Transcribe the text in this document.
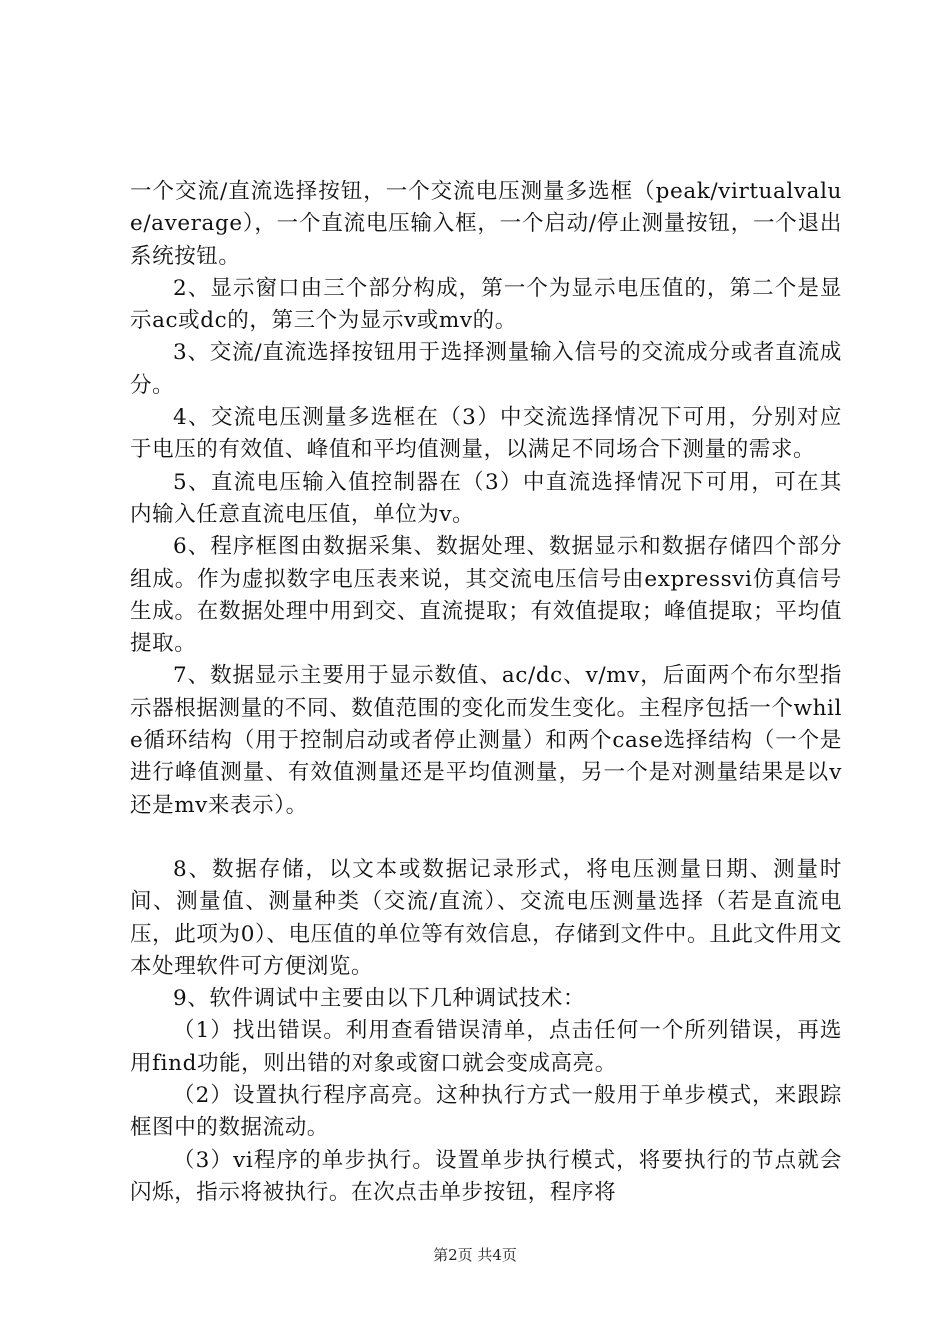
一个交流/直流选择按钮，一个交流电压测量多选框（peak/virtualvalue/average），一个直流电压输入框，一个启动/停止测量按钮，一个退出系统按钮。

2、显示窗口由三个部分构成，第一个为显示电压值的，第二个是显示ac或dc的，第三个为显示v或mv的。

3、交流/直流选择按钮用于选择测量输入信号的交流成分或者直流成分。

4、交流电压测量多选框在（3）中交流选择情况下可用，分别对应于电压的有效值、峰值和平均值测量，以满足不同场合下测量的需求。

5、直流电压输入值控制器在（3）中直流选择情况下可用，可在其内输入任意直流电压值，单位为v。

6、程序框图由数据采集、数据处理、数据显示和数据存储四个部分组成。作为虚拟数字电压表来说，其交流电压信号由expressvi仿真信号生成。在数据处理中用到交、直流提取；有效值提取；峰值提取；平均值提取。

7、数据显示主要用于显示数值、ac/dc、v/mv，后面两个布尔型指示器根据测量的不同、数值范围的变化而发生变化。主程序包括一个while循环结构（用于控制启动或者停止测量）和两个case选择结构（一个是进行峰值测量、有效值测量还是平均值测量，另一个是对测量结果是以v还是mv来表示）。

8、数据存储，以文本或数据记录形式，将电压测量日期、测量时间、测量值、测量种类（交流/直流）、交流电压测量选择（若是直流电压，此项为0）、电压值的单位等有效信息，存储到文件中。且此文件用文本处理软件可方便浏览。

9、软件调试中主要由以下几种调试技术：

（1）找出错误。利用查看错误清单，点击任何一个所列错误，再选用find功能，则出错的对象或窗口就会变成高亮。

（2）设置执行程序高亮。这种执行方式一般用于单步模式，来跟踪框图中的数据流动。

（3）vi程序的单步执行。设置单步执行模式，将要执行的节点就会闪烁，指示将被执行。在次点击单步按钮，程序将

第2页 共4页
